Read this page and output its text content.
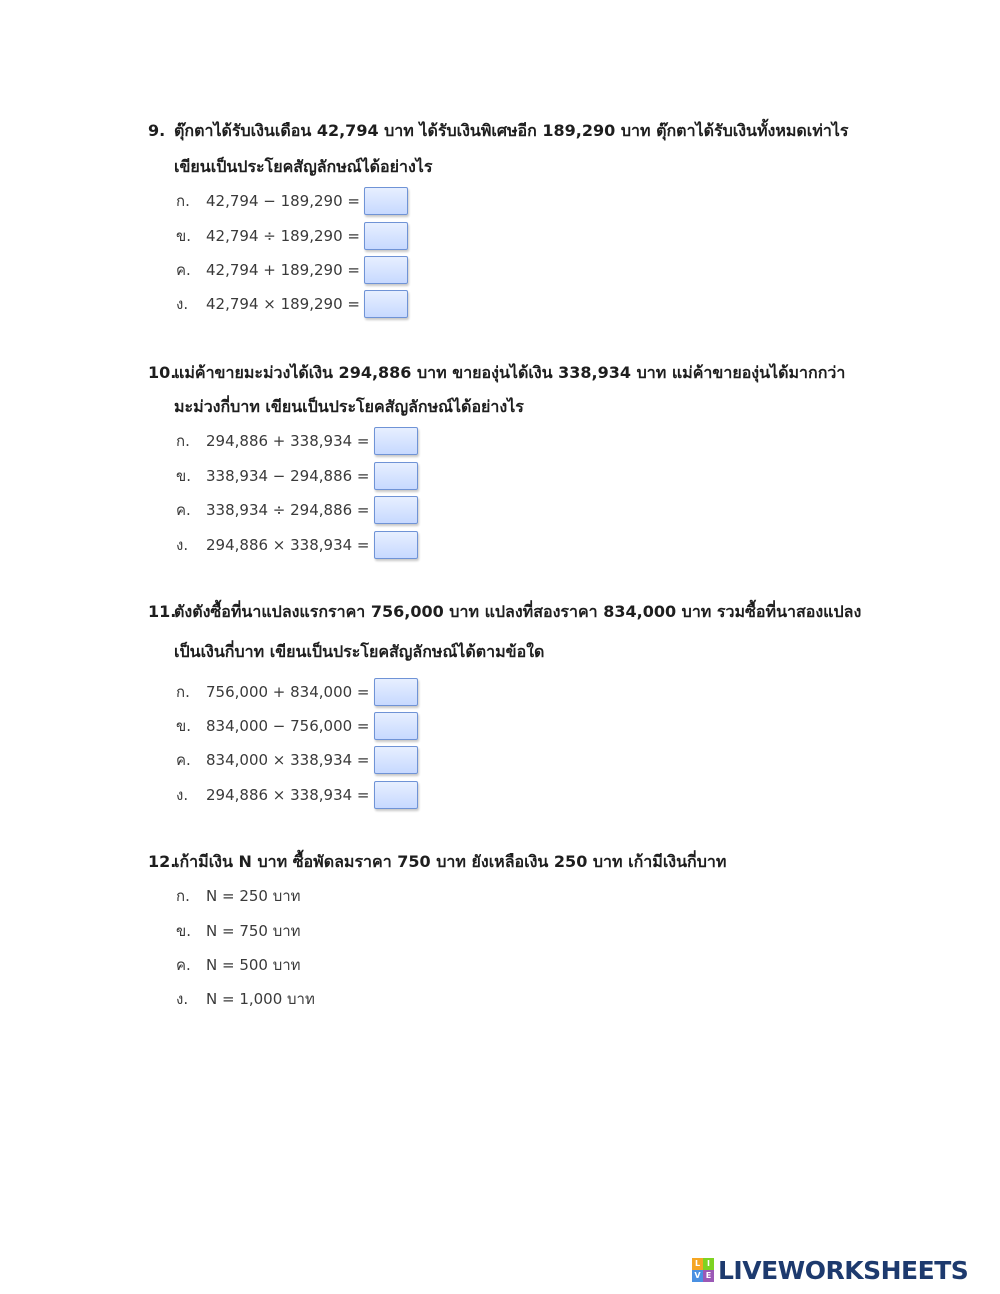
9. ตุ๊กตาได้รับเงินเดือน 42,794 บาท ได้รับเงินพิเศษอีก 189,290 บาท ตุ๊กตาได้รับเงินทั้งหมดเท่าไร
เขียนเป็นประโยคสัญลักษณ์ได้อย่างไร
ก.	42,794 − 189,290 =
ข. 42,794 ÷ 189,290 =
ค.	42,794 + 189,290 =
ง.	42,794 × 189,290 =
10.แม่ค้าขายมะม่วงได้เงิน 294,886 บาท ขายองุ่นได้เงิน 338,934 บาท แม่ค้าขายองุ่นได้มากกว่า
มะม่วงกี่บาท เขียนเป็นประโยคสัญลักษณ์ได้อย่างไร
ก.	294,886 + 338,934 =
ข. 338,934 − 294,886 =
ค.	338,934 ÷ 294,886 =
ง.	294,886 × 338,934 =
11.ตังตังซื้อที่นาแปลงแรกราคา 756,000 บาท แปลงที่สองราคา 834,000 บาท รวมซื้อที่นาสองแปลง
เป็นเงินกี่บาท เขียนเป็นประโยคสัญลักษณ์ได้ตามข้อใด
ก.	756,000 + 834,000 =
ข. 834,000 − 756,000 =
ค.	834,000 × 338,934 =
ง.	294,886 × 338,934 =
12.เก้ามีเงิน N บาท ซื้อพัดลมราคา 750 บาท ยังเหลือเงิน 250 บาท เก้ามีเงินกี่บาท
ก.	N = 250 บาท
ข. N = 750 บาท
ค.	N = 500 บาท
ง.	N = 1,000 บาท
L I
V E LIVEWORKSHEETS
